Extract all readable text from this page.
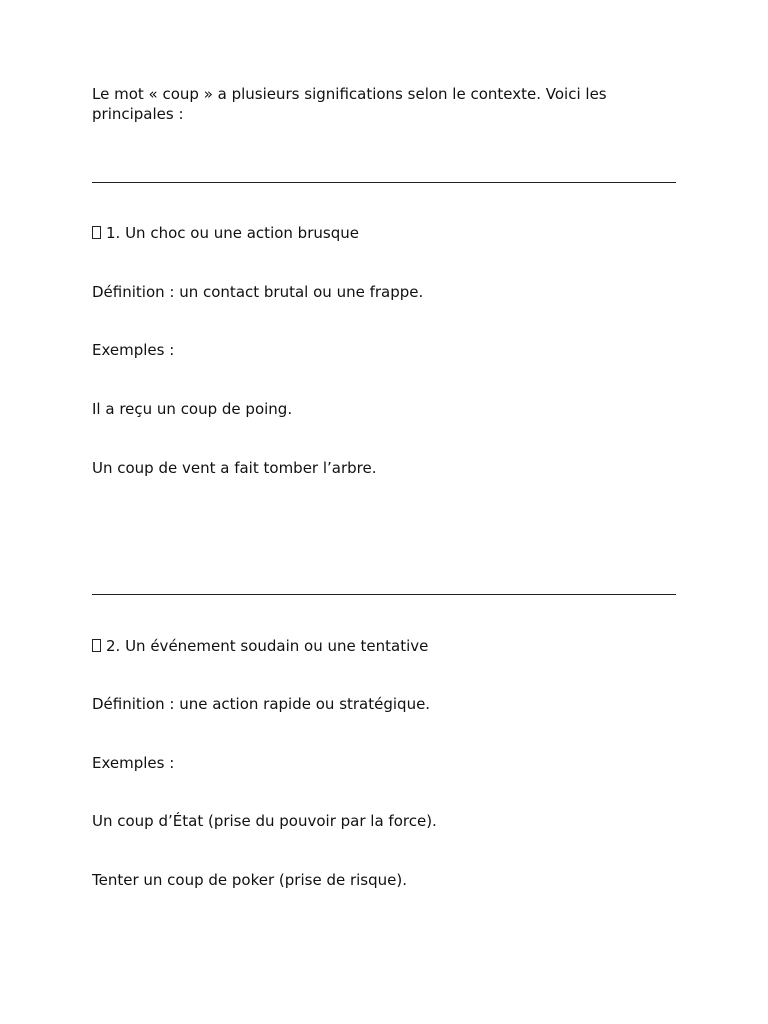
Le mot « coup » a plusieurs significations selon le contexte. Voici les principales :

1. Un choc ou une action brusque

Définition : un contact brutal ou une frappe.

Exemples :

Il a reçu un coup de poing.

Un coup de vent a fait tomber l’arbre.

2. Un événement soudain ou une tentative

Définition : une action rapide ou stratégique.

Exemples :

Un coup d’État (prise du pouvoir par la force).

Tenter un coup de poker (prise de risque).
